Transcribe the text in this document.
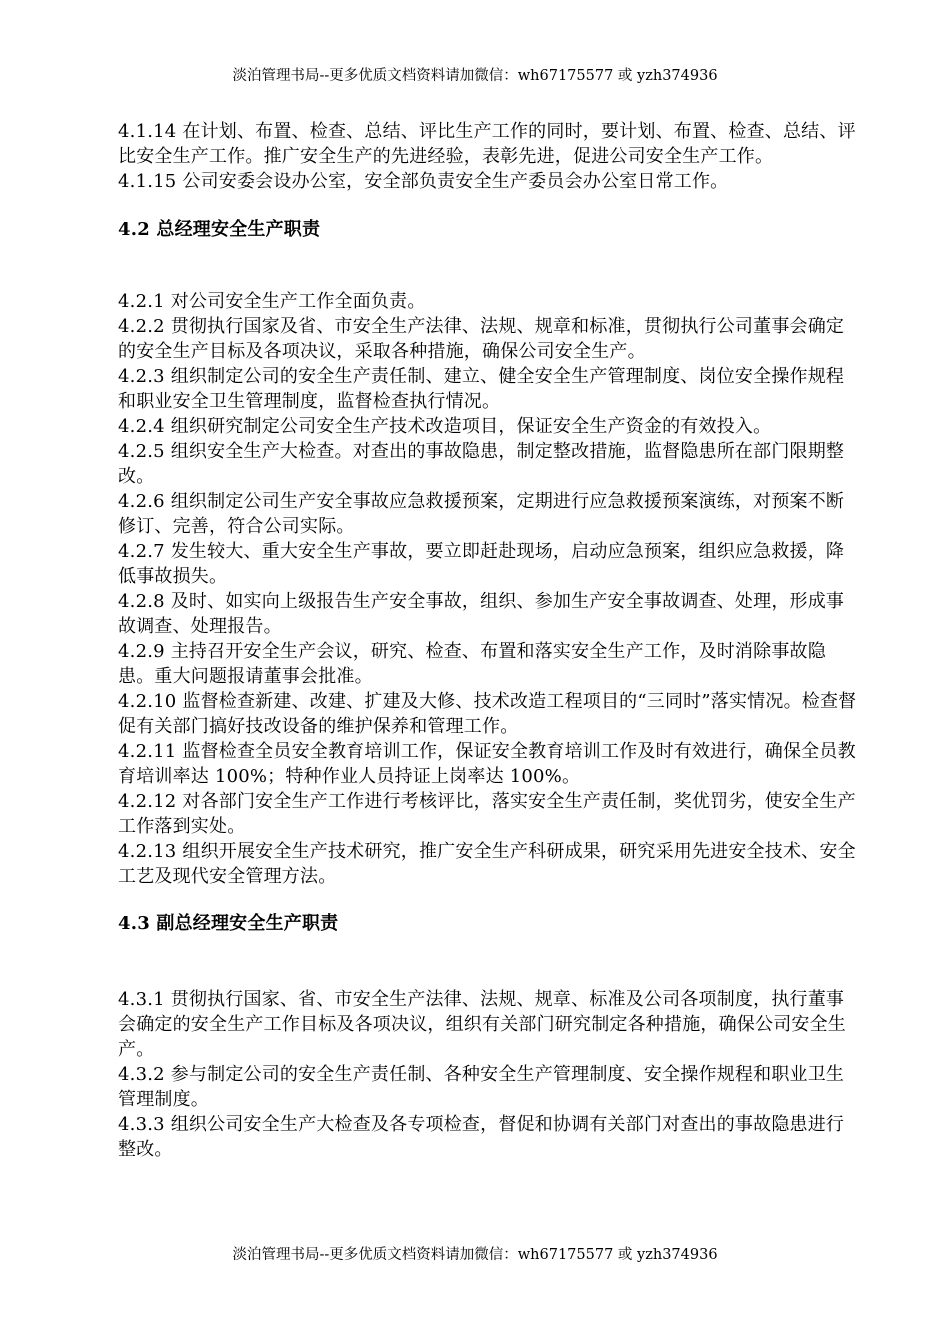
淡泊管理书局--更多优质文档资料请加微信：wh67175577 或 yzh374936

4.1.14 在计划、布置、检查、总结、评比生产工作的同时，要计划、布置、检查、总结、评比安全生产工作。推广安全生产的先进经验，表彰先进，促进公司安全生产工作。

4.1.15 公司安委会设办公室，安全部负责安全生产委员会办公室日常工作。

4.2 总经理安全生产职责

4.2.1 对公司安全生产工作全面负责。

4.2.2 贯彻执行国家及省、市安全生产法律、法规、规章和标准，贯彻执行公司董事会确定的安全生产目标及各项决议，采取各种措施，确保公司安全生产。

4.2.3 组织制定公司的安全生产责任制、建立、健全安全生产管理制度、岗位安全操作规程和职业安全卫生管理制度，监督检查执行情况。

4.2.4 组织研究制定公司安全生产技术改造项目，保证安全生产资金的有效投入。

4.2.5 组织安全生产大检查。对查出的事故隐患，制定整改措施，监督隐患所在部门限期整改。

4.2.6 组织制定公司生产安全事故应急救援预案，定期进行应急救援预案演练，对预案不断修订、完善，符合公司实际。

4.2.7 发生较大、重大安全生产事故，要立即赶赴现场，启动应急预案，组织应急救援，降低事故损失。

4.2.8 及时、如实向上级报告生产安全事故，组织、参加生产安全事故调查、处理，形成事故调查、处理报告。

4.2.9 主持召开安全生产会议，研究、检查、布置和落实安全生产工作，及时消除事故隐患。重大问题报请董事会批准。

4.2.10 监督检查新建、改建、扩建及大修、技术改造工程项目的“三同时”落实情况。检查督促有关部门搞好技改设备的维护保养和管理工作。

4.2.11 监督检查全员安全教育培训工作，保证安全教育培训工作及时有效进行，确保全员教育培训率达 100%；特种作业人员持证上岗率达 100%。

4.2.12 对各部门安全生产工作进行考核评比，落实安全生产责任制，奖优罚劣，使安全生产工作落到实处。

4.2.13 组织开展安全生产技术研究，推广安全生产科研成果，研究采用先进安全技术、安全工艺及现代安全管理方法。

4.3 副总经理安全生产职责

4.3.1 贯彻执行国家、省、市安全生产法律、法规、规章、标准及公司各项制度，执行董事会确定的安全生产工作目标及各项决议，组织有关部门研究制定各种措施，确保公司安全生产。

4.3.2 参与制定公司的安全生产责任制、各种安全生产管理制度、安全操作规程和职业卫生管理制度。

4.3.3 组织公司安全生产大检查及各专项检查，督促和协调有关部门对查出的事故隐患进行整改。

淡泊管理书局--更多优质文档资料请加微信：wh67175577 或 yzh374936
